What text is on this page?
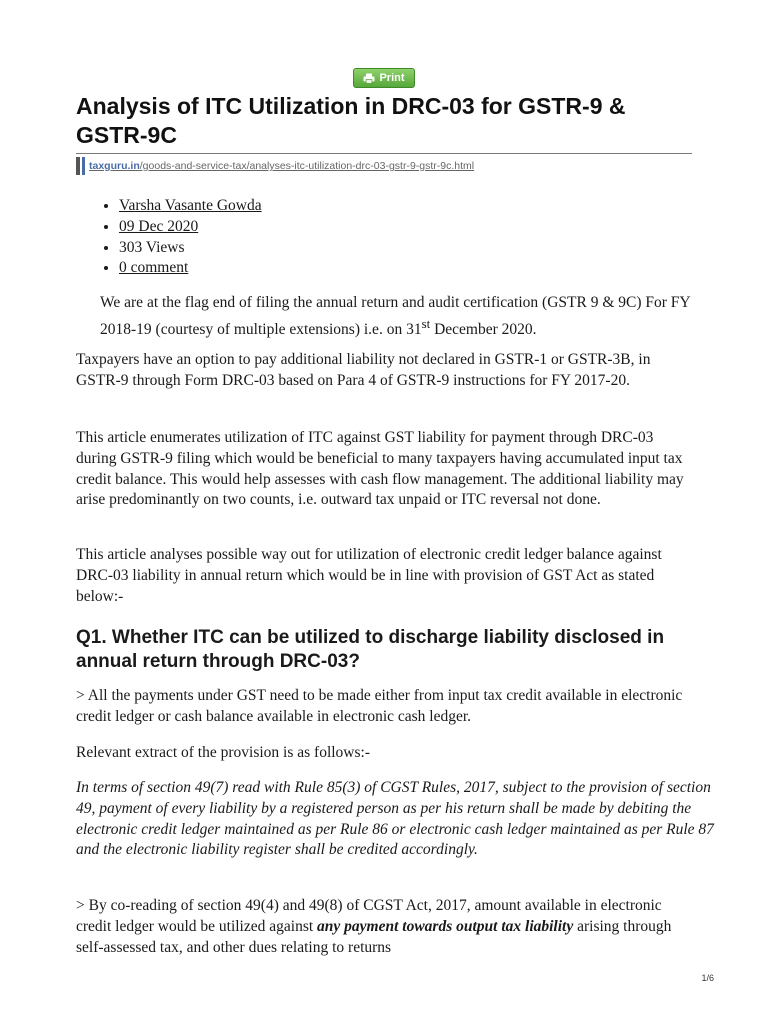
Print
Analysis of ITC Utilization in DRC-03 for GSTR-9 & GSTR-9C
taxguru.in/goods-and-service-tax/analyses-itc-utilization-drc-03-gstr-9-gstr-9c.html
• Varsha Vasante Gowda
• 09 Dec 2020
• 303 Views
• 0 comment

We are at the flag end of filing the annual return and audit certification (GSTR 9 & 9C) For FY 2018-19 (courtesy of multiple extensions) i.e. on 31st December 2020.

Taxpayers have an option to pay additional liability not declared in GSTR-1 or GSTR-3B, in GSTR-9 through Form DRC-03 based on Para 4 of GSTR-9 instructions for FY 2017-20.

This article enumerates utilization of ITC against GST liability for payment through DRC-03 during GSTR-9 filing which would be beneficial to many taxpayers having accumulated input tax credit balance. This would help assesses with cash flow management. The additional liability may arise predominantly on two counts, i.e. outward tax unpaid or ITC reversal not done.

This article analyses possible way out for utilization of electronic credit ledger balance against DRC-03 liability in annual return which would be in line with provision of GST Act as stated below:-

Q1. Whether ITC can be utilized to discharge liability disclosed in annual return through DRC-03?

> All the payments under GST need to be made either from input tax credit available in electronic credit ledger or cash balance available in electronic cash ledger.

Relevant extract of the provision is as follows:-

In terms of section 49(7) read with Rule 85(3) of CGST Rules, 2017, subject to the provision of section 49, payment of every liability by a registered person as per his return shall be made by debiting the electronic credit ledger maintained as per Rule 86 or electronic cash ledger maintained as per Rule 87 and the electronic liability register shall be credited accordingly.

> By co-reading of section 49(4) and 49(8) of CGST Act, 2017, amount available in electronic credit ledger would be utilized against any payment towards output tax liability arising through self-assessed tax, and other dues relating to returns

1/6
